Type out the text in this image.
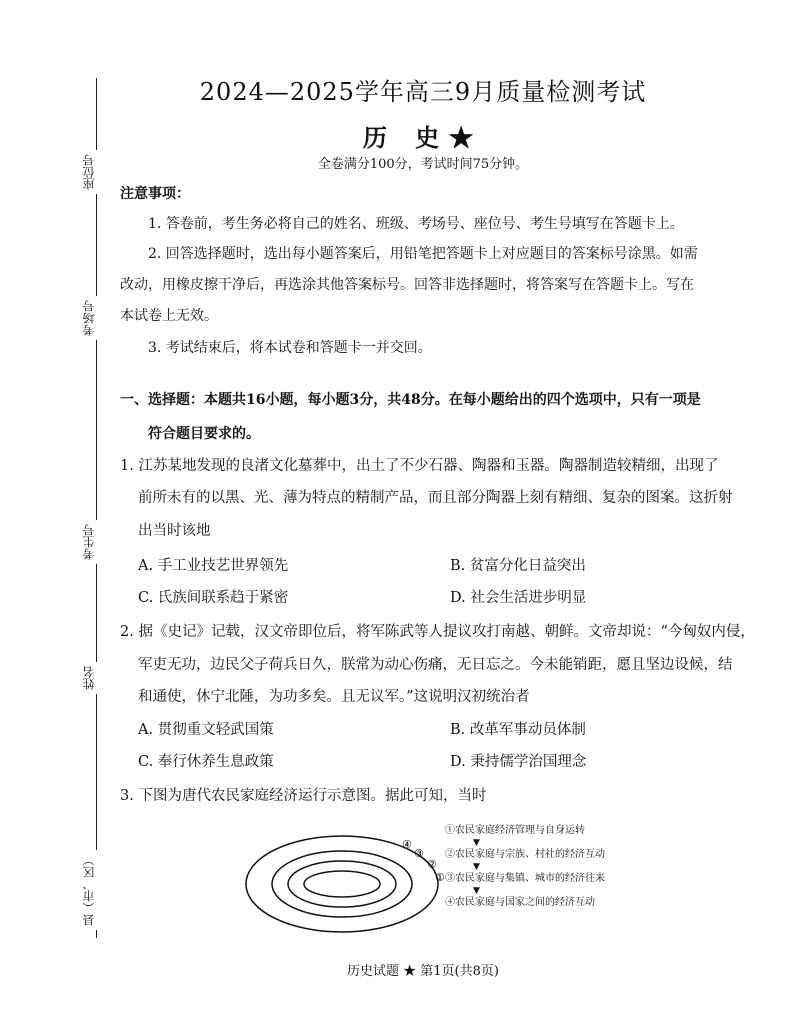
座位号
考场号
考生号
姓名
县（市、区）
2024—2025学年高三9月质量检测考试
历 史★
全卷满分100分，考试时间75分钟。
注意事项：
1. 答卷前，考生务必将自己的姓名、班级、考场号、座位号、考生号填写在答题卡上。
2. 回答选择题时，选出每小题答案后，用铅笔把答题卡上对应题目的答案标号涂黑。如需
改动，用橡皮擦干净后，再选涂其他答案标号。回答非选择题时，将答案写在答题卡上。写在
本试卷上无效。
3. 考试结束后，将本试卷和答题卡一并交回。
一、选择题：本题共16小题，每小题3分，共48分。在每小题给出的四个选项中，只有一项是
符合题目要求的。
1. 江苏某地发现的良渚文化墓葬中，出土了不少石器、陶器和玉器。陶器制造较精细，出现了
前所未有的以黑、光、薄为特点的精制产品，而且部分陶器上刻有精细、复杂的图案。这折射
出当时该地
A. 手工业技艺世界领先	B. 贫富分化日益突出
C. 氏族间联系趋于紧密	D. 社会生活进步明显
2. 据《史记》记载，汉文帝即位后，将军陈武等人提议攻打南越、朝鲜。文帝却说：“今匈奴内侵，
军吏无功，边民父子荷兵日久，朕常为动心伤痛，无日忘之。今未能销距，愿且坚边设候，结
和通使，休宁北陲，为功多矣。且无议军。”这说明汉初统治者
A. 贯彻重文轻武国策	B. 改革军事动员体制
C. 奉行休养生息政策	D. 秉持儒学治国理念
3. 下图为唐代农民家庭经济运行示意图。据此可知，当时
④
③
②
①
①农民家庭经济管理与自身运转
▼
②农民家庭与宗族、村社的经济互动
▼
③农民家庭与集镇、城市的经济往来
▼
④农民家庭与国家之间的经济互动
历史试题 ★ 第1页(共8页)
